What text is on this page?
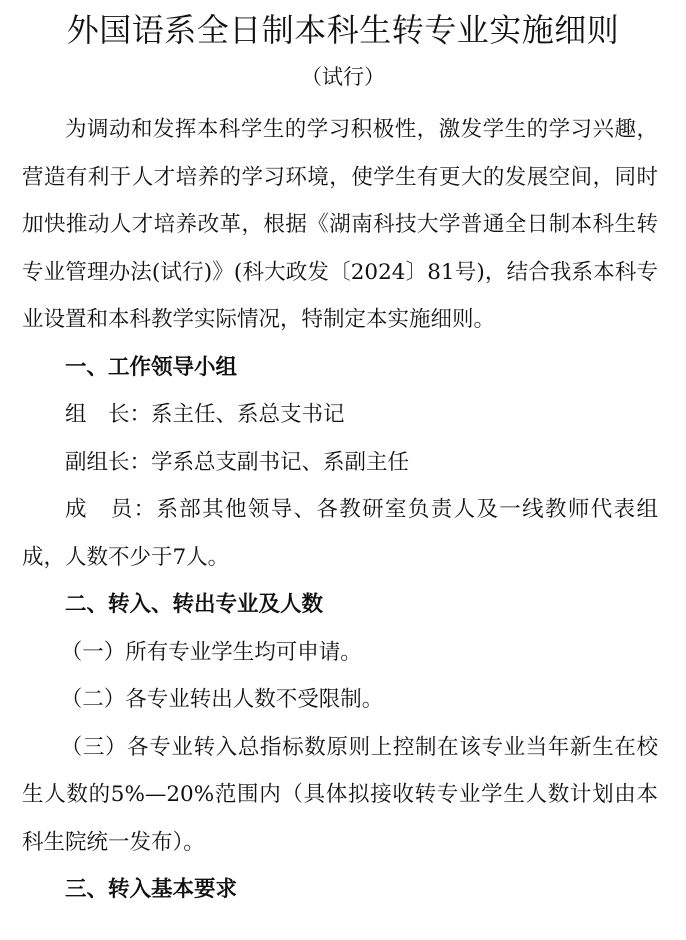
外国语系全日制本科生转专业实施细则

（试行）

为调动和发挥本科学生的学习积极性，激发学生的学习兴趣，营造有利于人才培养的学习环境，使学生有更大的发展空间，同时加快推动人才培养改革，根据《湖南科技大学普通全日制本科生转专业管理办法(试行)》(科大政发〔2024〕81号)，结合我系本科专业设置和本科教学实际情况，特制定本实施细则。

一、工作领导小组

组　长：系主任、系总支书记

副组长：学系总支副书记、系副主任

成　员：系部其他领导、各教研室负责人及一线教师代表组成，人数不少于7人。

二、转入、转出专业及人数

（一）所有专业学生均可申请。

（二）各专业转出人数不受限制。

（三）各专业转入总指标数原则上控制在该专业当年新生在校生人数的5%—20%范围内（具体拟接收转专业学生人数计划由本科生院统一发布）。

三、转入基本要求
